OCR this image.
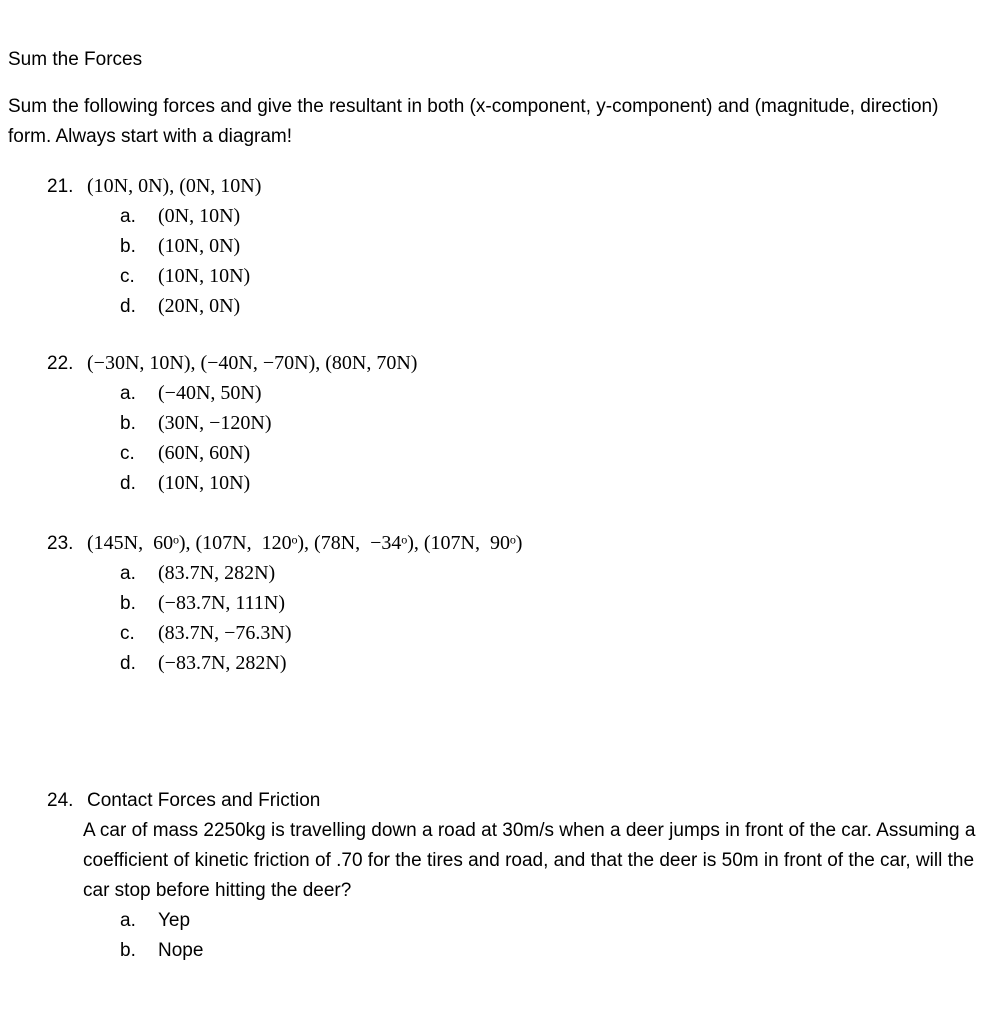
Sum the Forces
Sum the following forces and give the resultant in both (x-component, y-component) and (magnitude, direction) form. Always start with a diagram!
21. (10N, 0N), (0N, 10N)
a.	(0N, 10N)
b.	(10N, 0N)
c.	(10N, 10N)
d.	(20N, 0N)
22. (−30N, 10N), (−40N, −70N), (80N, 70N)
a.	(−40N, 50N)
b.	(30N, −120N)
c.	(60N, 60N)
d.	(10N, 10N)
23. (145N,  60ᵒ), (107N,  120ᵒ), (78N,  −34ᵒ), (107N,  90ᵒ)
a.	(83.7N, 282N)
b.	(−83.7N, 111N)
c.	(83.7N, −76.3N)
d.	(−83.7N, 282N)
24. Contact Forces and Friction
A car of mass 2250kg is travelling down a road at 30m/s when a deer jumps in front of the car. Assuming a coefficient of kinetic friction of .70 for the tires and road, and that the deer is 50m in front of the car, will the car stop before hitting the deer?
a.	Yep
b.	Nope
